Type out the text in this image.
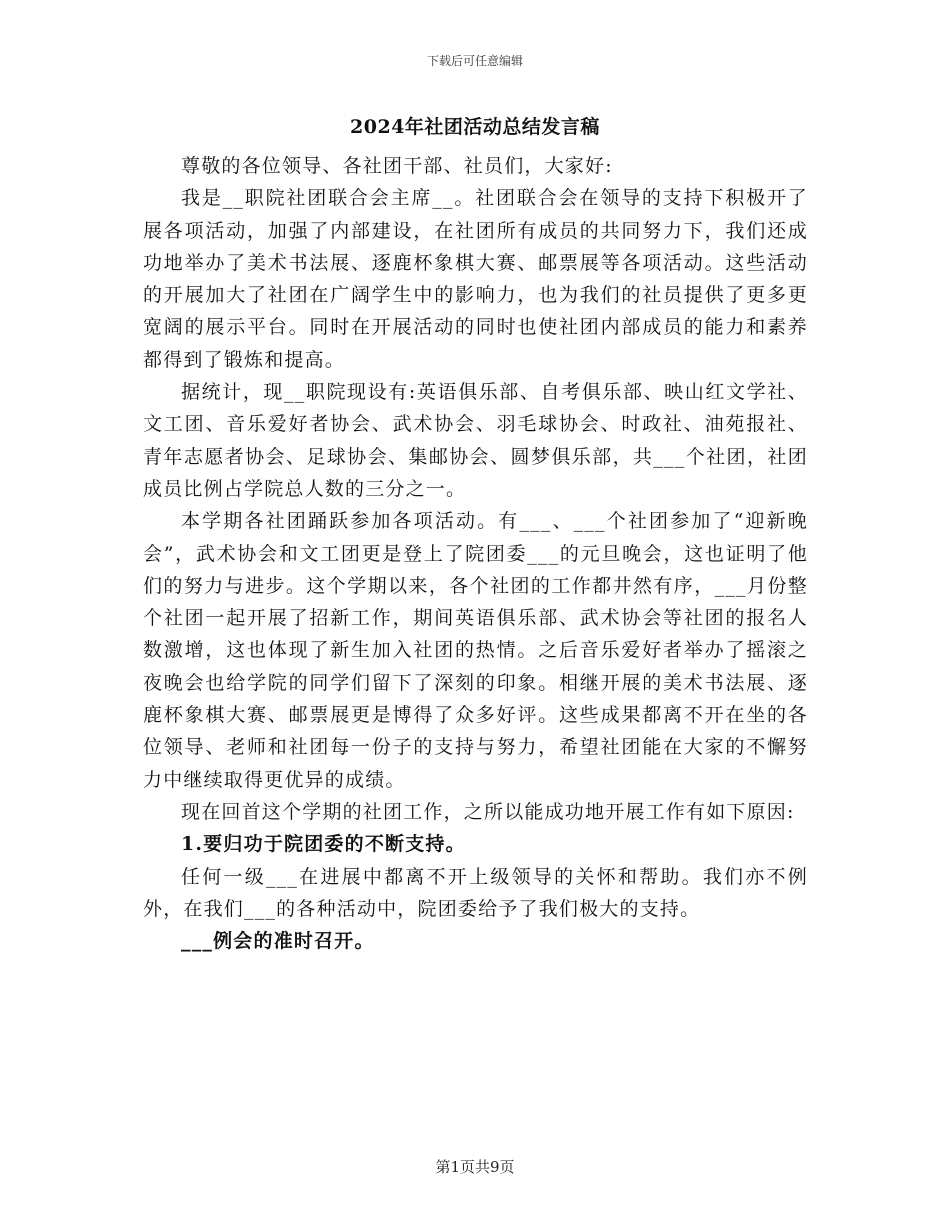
下载后可任意编辑
2024年社团活动总结发言稿

尊敬的各位领导、各社团干部、社员们，大家好:

我是__职院社团联合会主席__。社团联合会在领导的支持下积极开了展各项活动，加强了内部建设，在社团所有成员的共同努力下，我们还成功地举办了美术书法展、逐鹿杯象棋大赛、邮票展等各项活动。这些活动的开展加大了社团在广阔学生中的影响力，也为我们的社员提供了更多更宽阔的展示平台。同时在开展活动的同时也使社团内部成员的能力和素养都得到了锻炼和提高。

据统计，现__职院现设有:英语俱乐部、自考俱乐部、映山红文学社、文工团、音乐爱好者协会、武术协会、羽毛球协会、时政社、油苑报社、青年志愿者协会、足球协会、集邮协会、圆梦俱乐部，共___个社团，社团成员比例占学院总人数的三分之一。

本学期各社团踊跃参加各项活动。有___、___个社团参加了“迎新晚会”，武术协会和文工团更是登上了院团委___的元旦晚会，这也证明了他们的努力与进步。这个学期以来，各个社团的工作都井然有序，___月份整个社团一起开展了招新工作，期间英语俱乐部、武术协会等社团的报名人数激增，这也体现了新生加入社团的热情。之后音乐爱好者举办了摇滚之夜晚会也给学院的同学们留下了深刻的印象。相继开展的美术书法展、逐鹿杯象棋大赛、邮票展更是博得了众多好评。这些成果都离不开在坐的各位领导、老师和社团每一份子的支持与努力，希望社团能在大家的不懈努力中继续取得更优异的成绩。

现在回首这个学期的社团工作，之所以能成功地开展工作有如下原因:

1.要归功于院团委的不断支持。

任何一级___在进展中都离不开上级领导的关怀和帮助。我们亦不例外，在我们___的各种活动中，院团委给予了我们极大的支持。

___例会的准时召开。

第1页共9页
